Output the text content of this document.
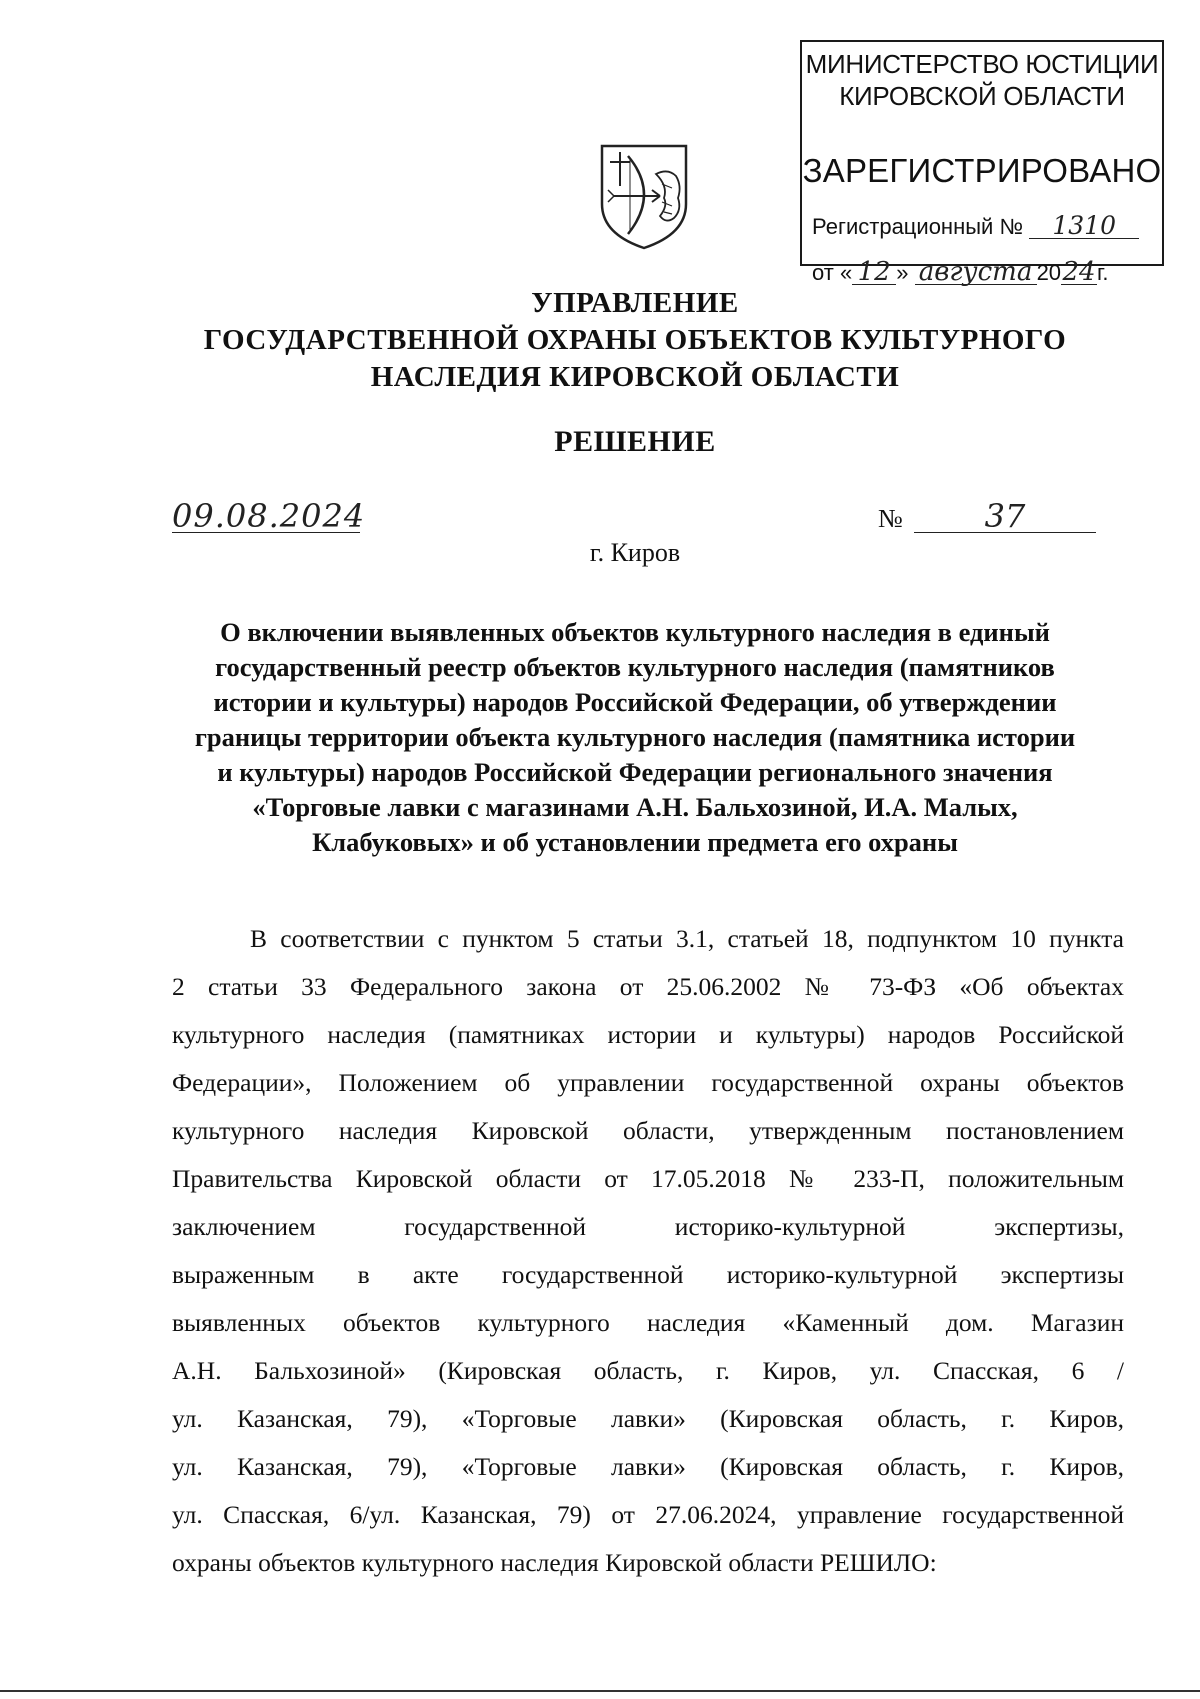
МИНИСТЕРСТВО ЮСТИЦИИ
КИРОВСКОЙ ОБЛАСТИ
ЗАРЕГИСТРИРОВАНО
Регистрационный № 1310
от « 12 » августа 2024г.
УПРАВЛЕНИЕ
ГОСУДАРСТВЕННОЙ ОХРАНЫ ОБЪЕКТОВ КУЛЬТУРНОГО
НАСЛЕДИЯ КИРОВСКОЙ ОБЛАСТИ
РЕШЕНИЕ
09.08.2024	№	37
г. Киров
О включении выявленных объектов культурного наследия в единый
государственный реестр объектов культурного наследия (памятников
истории и культуры) народов Российской Федерации, об утверждении
границы территории объекта культурного наследия (памятника истории
и культуры) народов Российской Федерации регионального значения
«Торговые лавки с магазинами А.Н. Бальхозиной, И.А. Малых,
Клабуковых» и об установлении предмета его охраны
В соответствии с пунктом 5 статьи 3.1, статьей 18, подпунктом 10 пункта
2 статьи 33 Федерального закона от 25.06.2002 № 73-ФЗ «Об объектах
культурного наследия (памятниках истории и культуры) народов Российской
Федерации», Положением об управлении государственной охраны объектов
культурного наследия Кировской области, утвержденным постановлением
Правительства Кировской области от 17.05.2018 № 233-П, положительным
заключением государственной историко-культурной экспертизы,
выраженным в акте государственной историко-культурной экспертизы
выявленных объектов культурного наследия «Каменный дом. Магазин
А.Н. Бальхозиной» (Кировская область, г. Киров, ул. Спасская, 6 /
ул. Казанская, 79), «Торговые лавки» (Кировская область, г. Киров,
ул. Казанская, 79), «Торговые лавки» (Кировская область, г. Киров,
ул. Спасская, 6/ул. Казанская, 79) от 27.06.2024, управление государственной
охраны объектов культурного наследия Кировской области РЕШИЛО:
